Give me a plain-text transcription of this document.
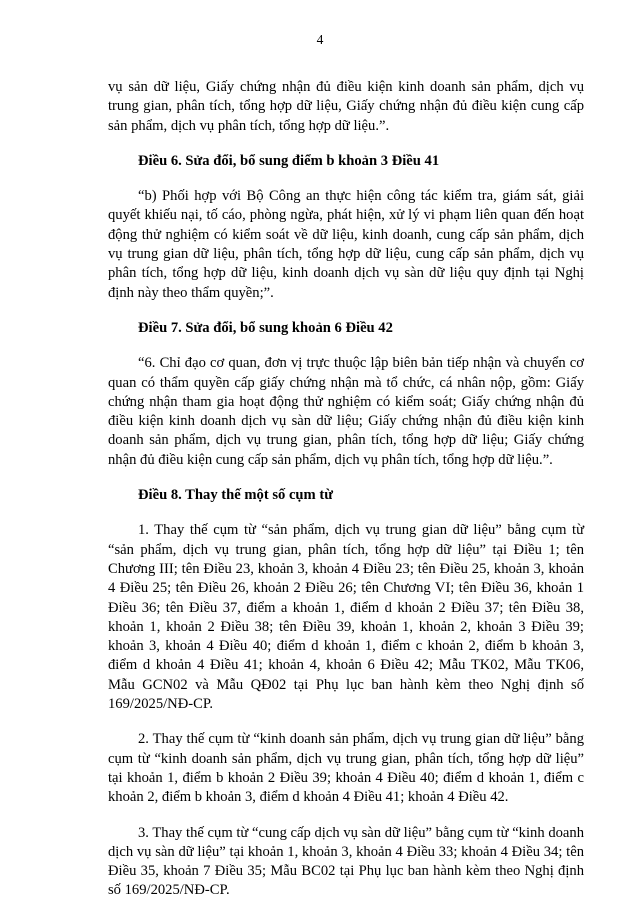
4

vụ sản dữ liệu, Giấy chứng nhận đủ điều kiện kinh doanh sản phẩm, dịch vụ trung gian, phân tích, tổng hợp dữ liệu, Giấy chứng nhận đủ điều kiện cung cấp sản phẩm, dịch vụ phân tích, tổng hợp dữ liệu.”.

Điều 6. Sửa đổi, bổ sung điểm b khoản 3 Điều 41

“b) Phối hợp với Bộ Công an thực hiện công tác kiểm tra, giám sát, giải quyết khiếu nại, tố cáo, phòng ngừa, phát hiện, xử lý vi phạm liên quan đến hoạt động thử nghiệm có kiểm soát về dữ liệu, kinh doanh, cung cấp sản phẩm, dịch vụ trung gian dữ liệu, phân tích, tổng hợp dữ liệu, cung cấp sản phẩm, dịch vụ phân tích, tổng hợp dữ liệu, kinh doanh dịch vụ sàn dữ liệu quy định tại Nghị định này theo thẩm quyền;”.

Điều 7. Sửa đổi, bổ sung khoản 6 Điều 42

“6. Chỉ đạo cơ quan, đơn vị trực thuộc lập biên bản tiếp nhận và chuyển cơ quan có thẩm quyền cấp giấy chứng nhận mà tổ chức, cá nhân nộp, gồm: Giấy chứng nhận tham gia hoạt động thử nghiệm có kiểm soát; Giấy chứng nhận đủ điều kiện kinh doanh dịch vụ sàn dữ liệu; Giấy chứng nhận đủ điều kiện kinh doanh sản phẩm, dịch vụ trung gian, phân tích, tổng hợp dữ liệu; Giấy chứng nhận đủ điều kiện cung cấp sản phẩm, dịch vụ phân tích, tổng hợp dữ liệu.”.

Điều 8. Thay thế một số cụm từ

1. Thay thế cụm từ “sản phẩm, dịch vụ trung gian dữ liệu” bằng cụm từ “sản phẩm, dịch vụ trung gian, phân tích, tổng hợp dữ liệu” tại Điều 1; tên Chương III; tên Điều 23, khoản 3, khoản 4 Điều 23; tên Điều 25, khoản 3, khoản 4 Điều 25; tên Điều 26, khoản 2 Điều 26; tên Chương VI; tên Điều 36, khoản 1 Điều 36; tên Điều 37, điểm a khoản 1, điểm d khoản 2 Điều 37; tên Điều 38, khoản 1, khoản 2 Điều 38; tên Điều 39, khoản 1, khoản 2, khoản 3 Điều 39; khoản 3, khoản 4 Điều 40; điểm d khoản 1, điểm c khoản 2, điểm b khoản 3, điểm d khoản 4 Điều 41; khoản 4, khoản 6 Điều 42; Mẫu TK02, Mẫu TK06, Mẫu GCN02 và Mẫu QĐ02 tại Phụ lục ban hành kèm theo Nghị định số 169/2025/NĐ-CP.

2. Thay thế cụm từ “kinh doanh sản phẩm, dịch vụ trung gian dữ liệu” bằng cụm từ “kinh doanh sản phẩm, dịch vụ trung gian, phân tích, tổng hợp dữ liệu” tại khoản 1, điểm b khoản 2 Điều 39; khoản 4 Điều 40; điểm d khoản 1, điểm c khoản 2, điểm b khoản 3, điểm d khoản 4 Điều 41; khoản 4 Điều 42.

3. Thay thế cụm từ “cung cấp dịch vụ sàn dữ liệu” bằng cụm từ “kinh doanh dịch vụ sàn dữ liệu” tại khoản 1, khoản 3, khoản 4 Điều 33; khoản 4 Điều 34; tên Điều 35, khoản 7 Điều 35; Mẫu BC02 tại Phụ lục ban hành kèm theo Nghị định số 169/2025/NĐ-CP.
